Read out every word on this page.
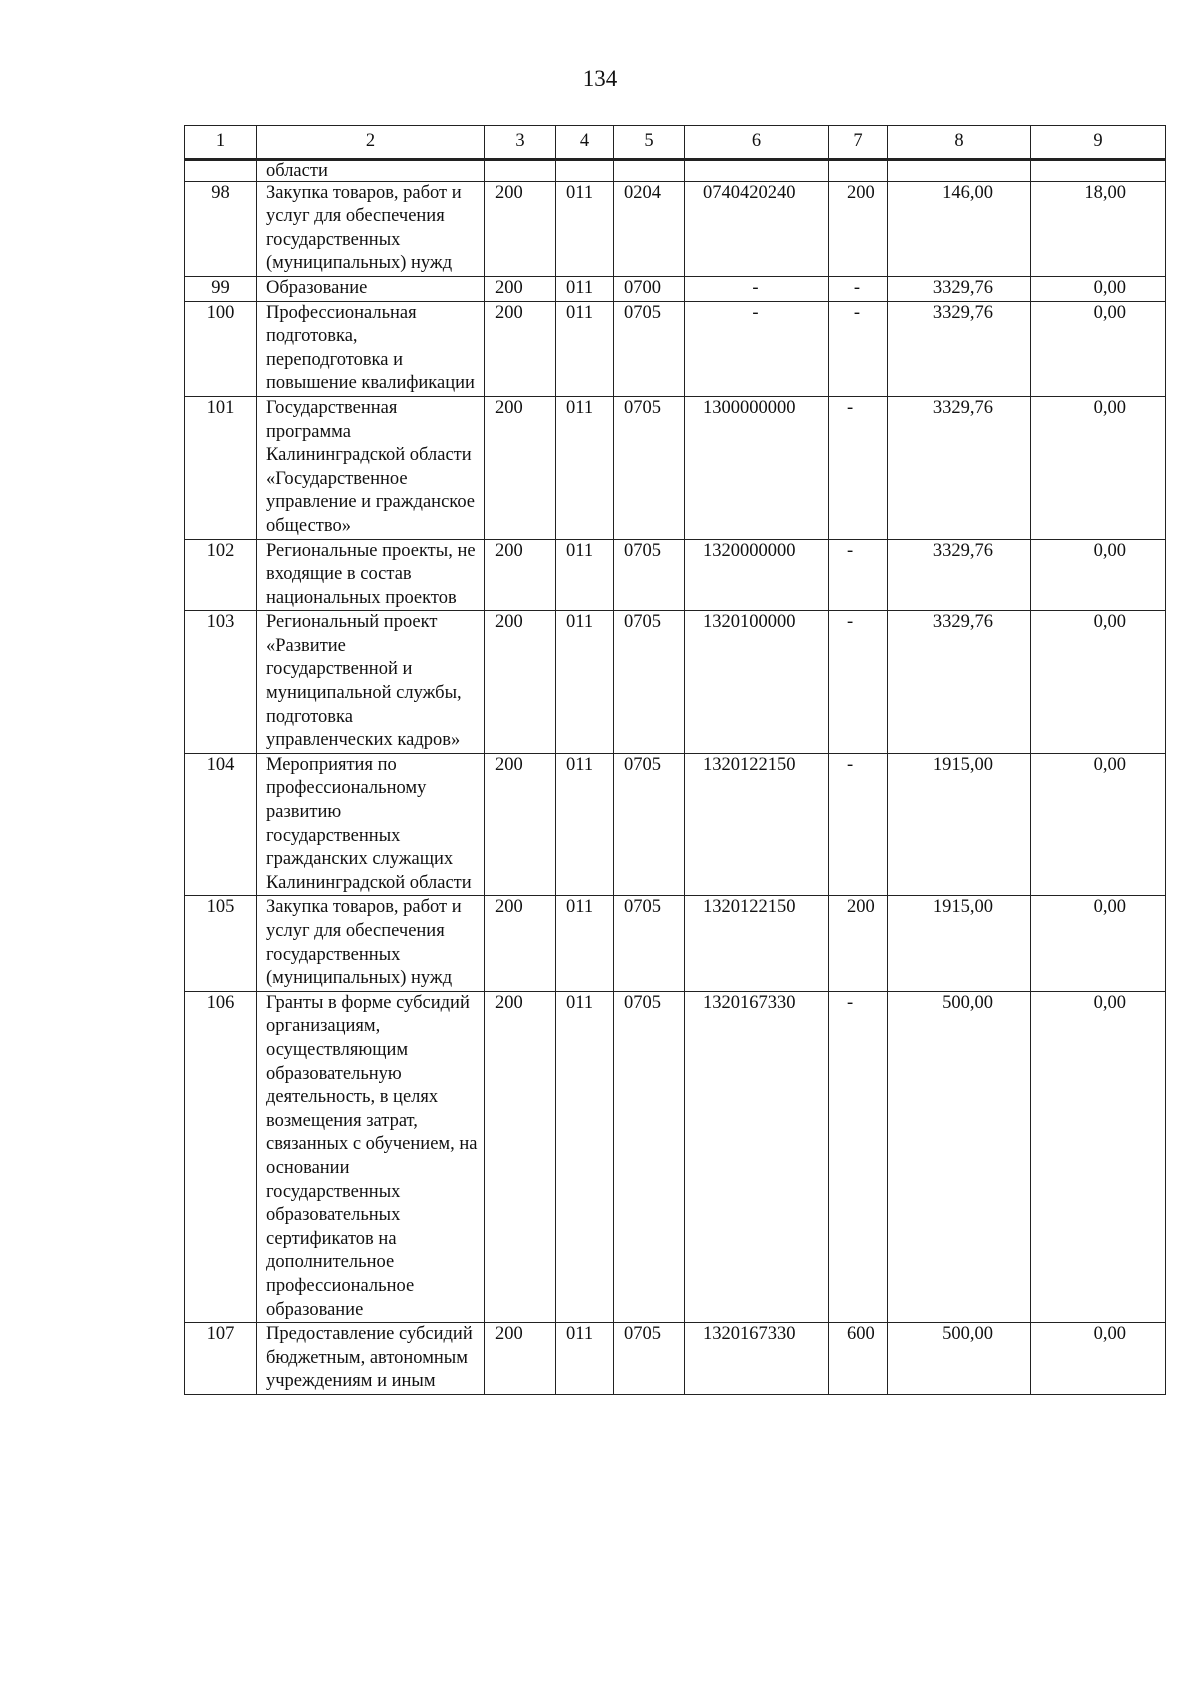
134
1	2	3	4	5	6	7	8	9
	области							
98	Закупка товаров, работ и услуг для обеспечения государственных (муниципальных) нужд	200	011	0204	0740420240	200	146,00	18,00
99	Образование	200	011	0700	-	-	3329,76	0,00
100	Профессиональная подготовка, переподготовка и повышение квалификации	200	011	0705	-	-	3329,76	0,00
101	Государственная программа Калининградской области «Государственное управление и гражданское общество»	200	011	0705	1300000000	-	3329,76	0,00
102	Региональные проекты, не входящие в состав национальных проектов	200	011	0705	1320000000	-	3329,76	0,00
103	Региональный проект «Развитие государственной и муниципальной службы, подготовка управленческих кадров»	200	011	0705	1320100000	-	3329,76	0,00
104	Мероприятия по профессиональному развитию государственных гражданских служащих Калининградской области	200	011	0705	1320122150	-	1915,00	0,00
105	Закупка товаров, работ и услуг для обеспечения государственных (муниципальных) нужд	200	011	0705	1320122150	200	1915,00	0,00
106	Гранты в форме субсидий организациям, осуществляющим образовательную деятельность, в целях возмещения затрат, связанных с обучением, на основании государственных образовательных сертификатов на дополнительное профессиональное образование	200	011	0705	1320167330	-	500,00	0,00
107	Предоставление субсидий бюджетным, автономным учреждениям и иным	200	011	0705	1320167330	600	500,00	0,00
